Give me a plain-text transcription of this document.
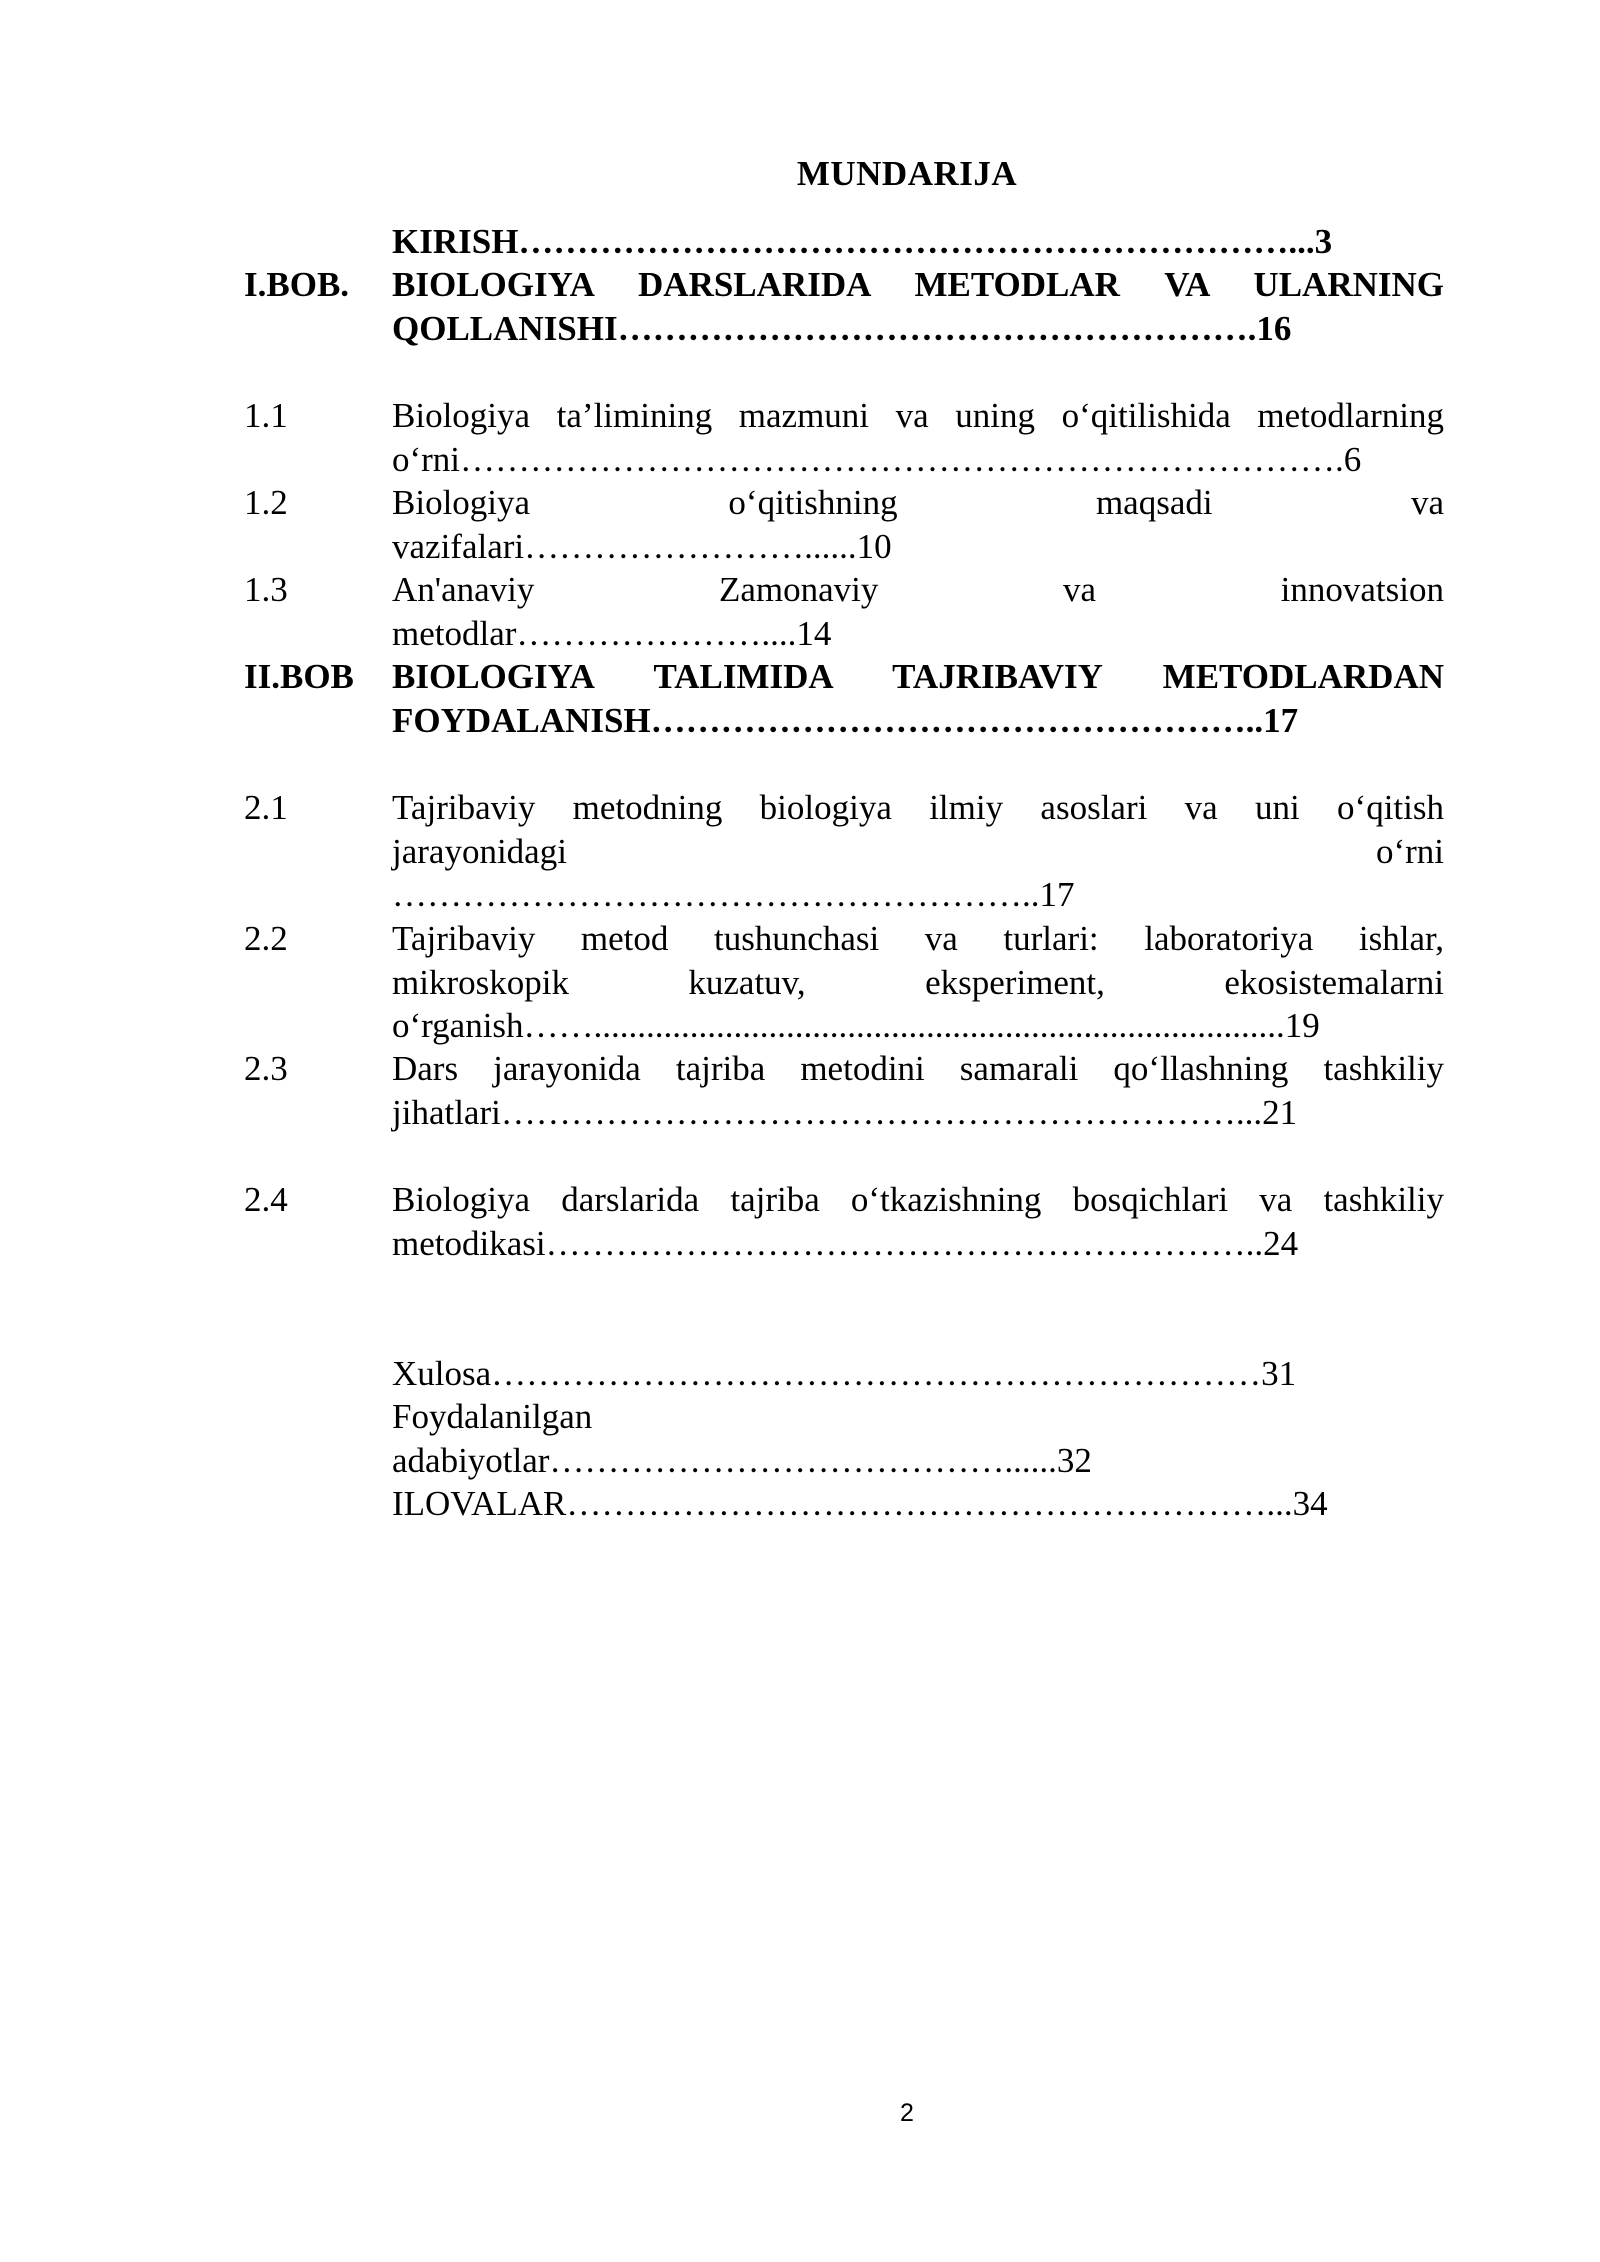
MUNDARIJA
KIRISH…………………………………………………………...3
I.BOB. BIOLOGIYA DARSLARIDA METODLAR VA ULARNING
QOLLANISHI……………………………………………….16
1.1	Biologiya ta’limining mazmuni va uning o‘qitilishida metodlarning
o‘rni………………………………………………………………….6
1.2	Biologiya o‘qitishning maqsadi va
vazifalari……………………......10
1.3	An'anaviy Zamonaviy va innovatsion
metodlar…………………....14
II.BOB BIOLOGIYA TALIMIDA TAJRIBAVIY METODLARDAN
FOYDALANISH……………………………………………..17
2.1	Tajribaviy metodning biologiya ilmiy asoslari va uni o‘qitish
jarayonidagi o‘rni
………………………………………………..17
2.2	Tajribaviy metod tushunchasi va turlari: laboratoriya ishlar,
mikroskopik kuzatuv, eksperiment, ekosistemalarni
o‘rganish……...............................................................................19
2.3	Dars jarayonida tajriba metodini samarali qo‘llashning tashkiliy
jihatlari………………………………………………………...21
2.4	Biologiya darslarida tajriba o‘tkazishning bosqichlari va tashkiliy
metodikasi……………………………………………………..24
Xulosa…………………………………………………………31
Foydalanilgan
adabiyotlar…………………………………......32
ILOVALAR……………………………………………………...34
2
